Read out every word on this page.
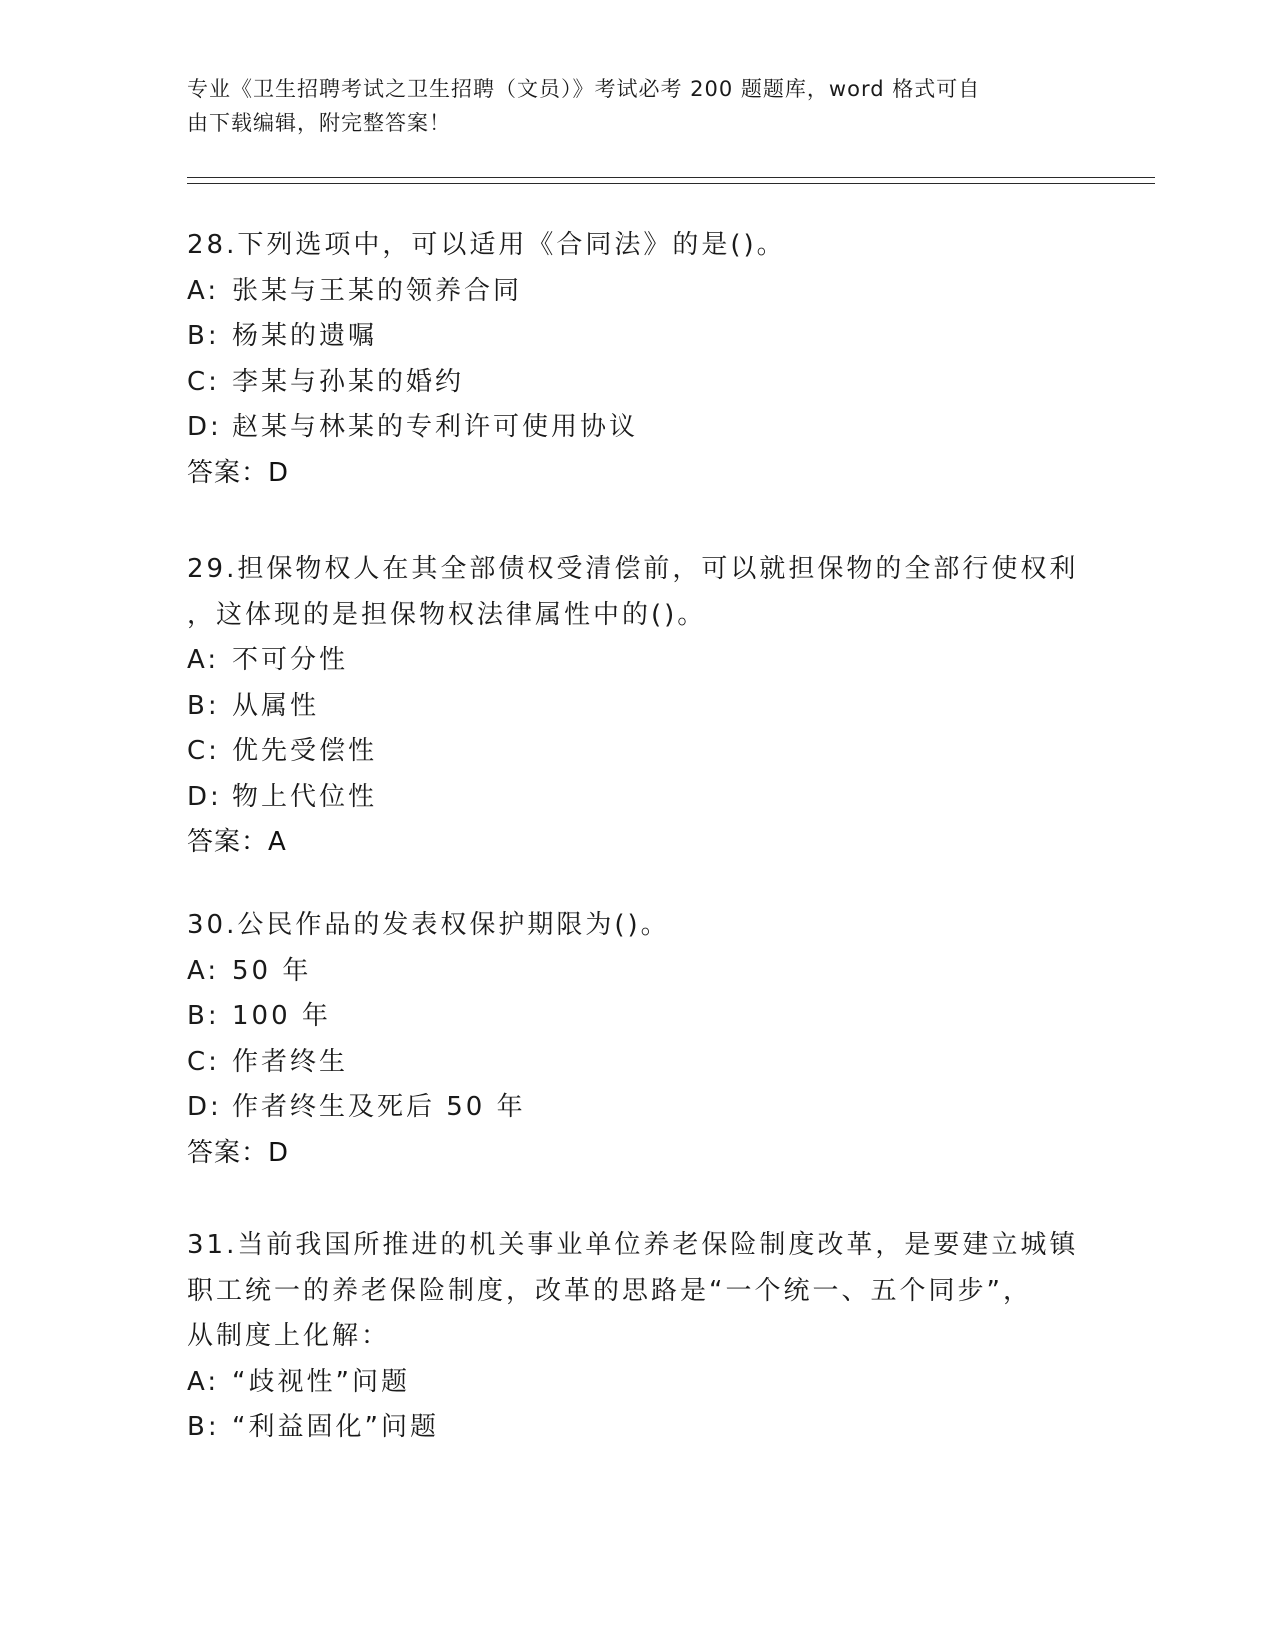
专业《卫生招聘考试之卫生招聘（文员）》考试必考 200 题题库，word 格式可自
由下载编辑，附完整答案！
28.下列选项中，可以适用《合同法》的是()。
A: 张某与王某的领养合同
B: 杨某的遗嘱
C: 李某与孙某的婚约
D: 赵某与林某的专利许可使用协议
答案：D
29.担保物权人在其全部债权受清偿前，可以就担保物的全部行使权利
，这体现的是担保物权法律属性中的()。
A: 不可分性
B: 从属性
C: 优先受偿性
D: 物上代位性
答案：A
30.公民作品的发表权保护期限为()。
A: 50 年
B: 100 年
C: 作者终生
D: 作者终生及死后 50 年
答案：D
31.当前我国所推进的机关事业单位养老保险制度改革，是要建立城镇
职工统一的养老保险制度，改革的思路是“一个统一、五个同步”，
从制度上化解：
A: “歧视性”问题
B: “利益固化”问题
